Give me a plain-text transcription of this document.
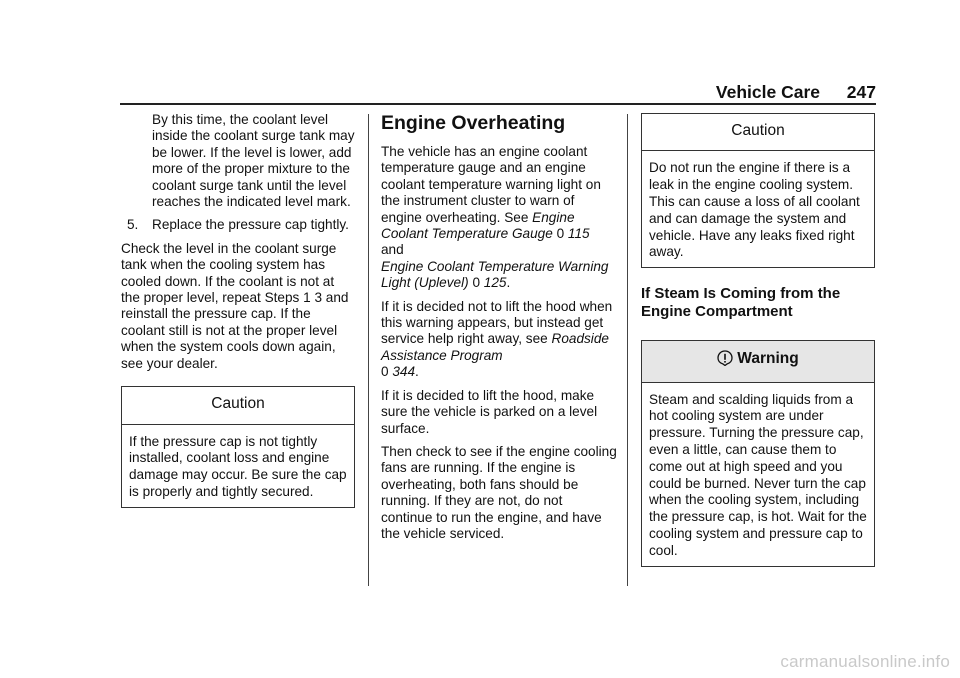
Vehicle Care	247

By this time, the coolant level inside the coolant surge tank may be lower. If the level is lower, add more of the proper mixture to the coolant surge tank until the level reaches the indicated level mark.

5. Replace the pressure cap tightly.

Check the level in the coolant surge tank when the cooling system has cooled down. If the coolant is not at the proper level, repeat Steps 1 3 and reinstall the pressure cap. If the coolant still is not at the proper level when the system cools down again, see your dealer.

Caution
If the pressure cap is not tightly installed, coolant loss and engine damage may occur. Be sure the cap is properly and tightly secured.
Engine Overheating

The vehicle has an engine coolant temperature gauge and an engine coolant temperature warning light on the instrument cluster to warn of engine overheating. See Engine Coolant Temperature Gauge 0 115
and
Engine Coolant Temperature Warning Light (Uplevel) 0 125.

If it is decided not to lift the hood when this warning appears, but instead get service help right away, see Roadside Assistance Program
0 344.

If it is decided to lift the hood, make sure the vehicle is parked on a level surface.

Then check to see if the engine cooling fans are running. If the engine is overheating, both fans should be running. If they are not, do not continue to run the engine, and have the vehicle serviced.

Caution
Do not run the engine if there is a leak in the engine cooling system. This can cause a loss of all coolant and can damage the system and vehicle. Have any leaks fixed right away.
If Steam Is Coming from the Engine Compartment
Warning
Steam and scalding liquids from a hot cooling system are under pressure. Turning the pressure cap, even a little, can cause them to come out at high speed and you could be burned. Never turn the cap when the cooling system, including the pressure cap, is hot. Wait for the cooling system and pressure cap to cool.
carmanualsonline.info
